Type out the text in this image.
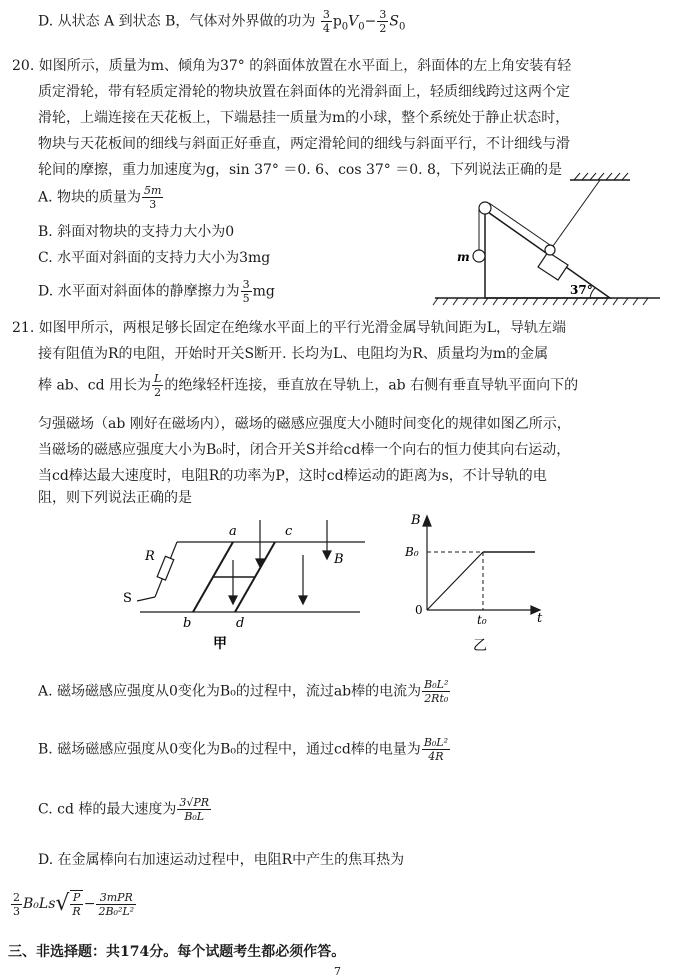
D. 从状态 A 到状态 B，气体对外界做的功为 $\frac{3}{4} p_0V_0- \frac{3}{2} S_0$
20. 如图所示，质量为m、倾角为37° 的斜面体放置在水平面上，斜面体的左上角安装有轻
质定滑轮，带有轻质定滑轮的物块放置在斜面体的光滑斜面上，轻质细线跨过这两个定
滑轮，上端连接在天花板上，下端悬挂一质量为m的小球，整个系统处于静止状态时，
物块与天花板间的细线与斜面正好垂直，两定滑轮间的细线与斜面平行，不计细线与滑
轮间的摩擦，重力加速度为g，sin 37° ＝0. 6、cos 37° ＝0. 8，下列说法正确的是
A. 物块的质量为 $\frac{5m}{3}$
B. 斜面对物块的支持力大小为0
C. 水平面对斜面的支持力大小为3mg
D. 水平面对斜面体的静摩擦力为 $\frac{3}{5}$ mg
m
37°
21. 如图甲所示，两根足够长固定在绝缘水平面上的平行光滑金属导轨间距为L，导轨左端
接有阻值为R的电阻，开始时开关S断开. 长均为L、电阻均为R、质量均为m的金属
棒 ab、cd 用长为 $\frac{L}{2}$ 的绝缘轻杆连接，垂直放在导轨上，ab 右侧有垂直导轨平面向下的
匀强磁场（ab 刚好在磁场内），磁场的磁感应强度大小随时间变化的规律如图乙所示，
当磁场的磁感应强度大小为B₀时，闭合开关S并给cd棒一个向右的恒力使其向右运动，
当cd棒达最大速度时，电阻R的功率为P，这时cd棒运动的距离为s，不计导轨的电
阻，则下列说法正确的是
S
R
a	c
b	d
B
甲
B
t
B₀
t₀
0
乙
A. 磁场磁感应强度从0变化为B₀的过程中，流过ab棒的电流为 $\frac{\text{B₀L²}}{\text{2Rt₀}}$
B. 磁场磁感应强度从0变化为B₀的过程中，通过cd棒的电量为 $\frac{\text{B₀L²}}{4R}$
C. cd 棒的最大速度为 $\frac{3√PR}{\text{B₀L}}$
D. 在金属棒向右加速运动过程中，电阻R中产生的焦耳热为
$\frac{2}{3} B_0Ls√ \frac{P}{R} - \frac{\text{3mPR}}{\text{2B₀²L²}}$
三、非选择题：共174分。每个试题考生都必须作答。
7
